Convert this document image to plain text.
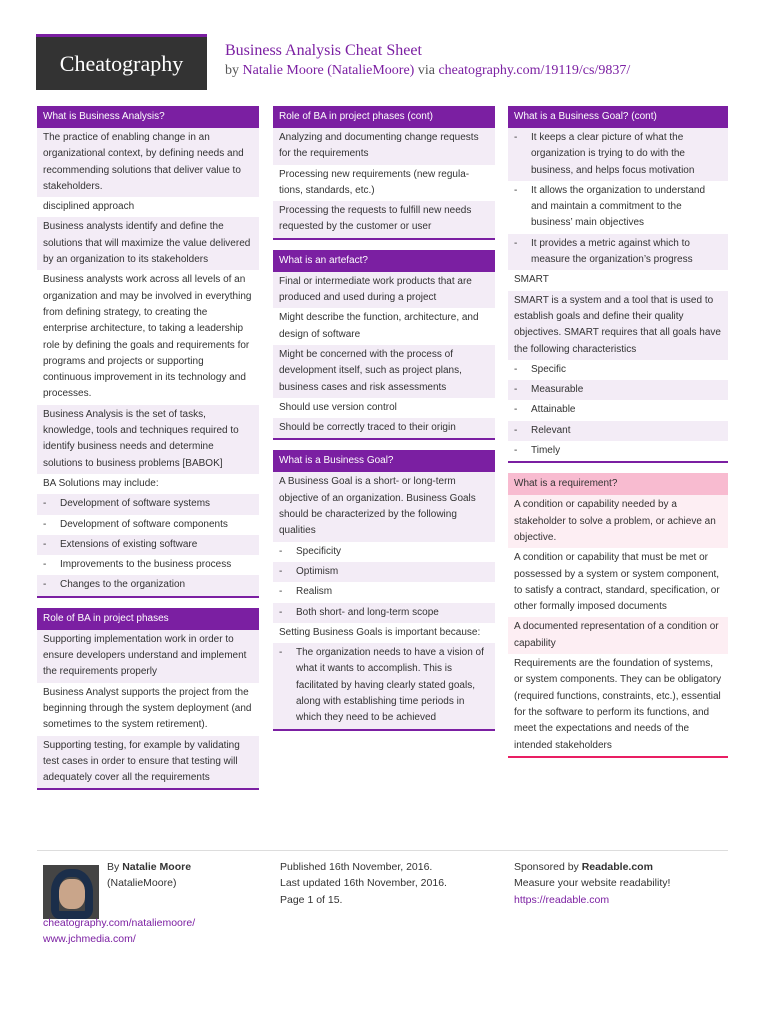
Cheatography	Business Analysis Cheat Sheet
by Natalie Moore (NatalieMoore) via cheatography.com/19119/cs/9837/
What is Business Analysis?
The practice of enabling change in an organizational context, by defining needs and recommending solutions that deliver value to stakeholders.
disciplined approach
Business analysts identify and define the solutions that will maximize the value delivered by an organization to its stakeholders
Business analysts work across all levels of an organization and may be involved in everything from defining strategy, to creating the enterprise architecture, to taking a leadership role by defining the goals and requirements for programs and projects or supporting continuous improvement in its technology and processes.
Business Analysis is the set of tasks, knowledge, tools and techniques required to identify business needs and determine solutions to business problems [BABOK]
BA Solutions may include:
-	Development of software systems
-	Development of software components
-	Extensions of existing software
-	Improvements to the business process
-	Changes to the organization
Role of BA in project phases
Supporting implementation work in order to ensure developers understand and implement the requirements properly
Business Analyst supports the project from the beginning through the system deployment (and sometimes to the system retirement).
Supporting testing, for example by validating test cases in order to ensure that testing will adequately cover all the requirements
Role of BA in project phases (cont)
Analyzing and documenting change requests for the requirements
Processing new requirements (new regulations, standards, etc.)
Processing the requests to fulfill new needs requested by the customer or user
What is an artefact?
Final or intermediate work products that are produced and used during a project
Might describe the function, architecture, and design of software
Might be concerned with the process of development itself, such as project plans, business cases and risk assessments
Should use version control
Should be correctly traced to their origin
What is a Business Goal?
A Business Goal is a short- or long-term objective of an organization. Business Goals should be characterized by the following qualities
-	Specificity
-	Optimism
-	Realism
-	Both short- and long-term scope
Setting Business Goals is important because:
-	The organization needs to have a vision of what it wants to accomplish. This is facilitated by having clearly stated goals, along with establishing time periods in which they need to be achieved
What is a Business Goal? (cont)
-	It keeps a clear picture of what the organization is trying to do with the business, and helps focus motivation
-	It allows the organization to understand and maintain a commitment to the business’ main objectives
-	It provides a metric against which to measure the organization’s progress
SMART
SMART is a system and a tool that is used to establish goals and define their quality objectives. SMART requires that all goals have the following characteristics
-	Specific
-	Measurable
-	Attainable
-	Relevant
-	Timely
What is a requirement?
A condition or capability needed by a stakeholder to solve a problem, or achieve an objective.
A condition or capability that must be met or possessed by a system or system component, to satisfy a contract, standard, specification, or other formally imposed documents
A documented representation of a condition or capability
Requirements are the foundation of systems, or system components. They can be obligatory (required functions, constraints, etc.), essential for the software to perform its functions, and meet the expectations and needs of the intended stakeholders
By Natalie Moore
(NatalieMoore)
cheatography.com/nataliemoore/
www.jchmedia.com/
Published 16th November, 2016.
Last updated 16th November, 2016.
Page 1 of 15.
Sponsored by Readable.com
Measure your website readability!
https://readable.com
